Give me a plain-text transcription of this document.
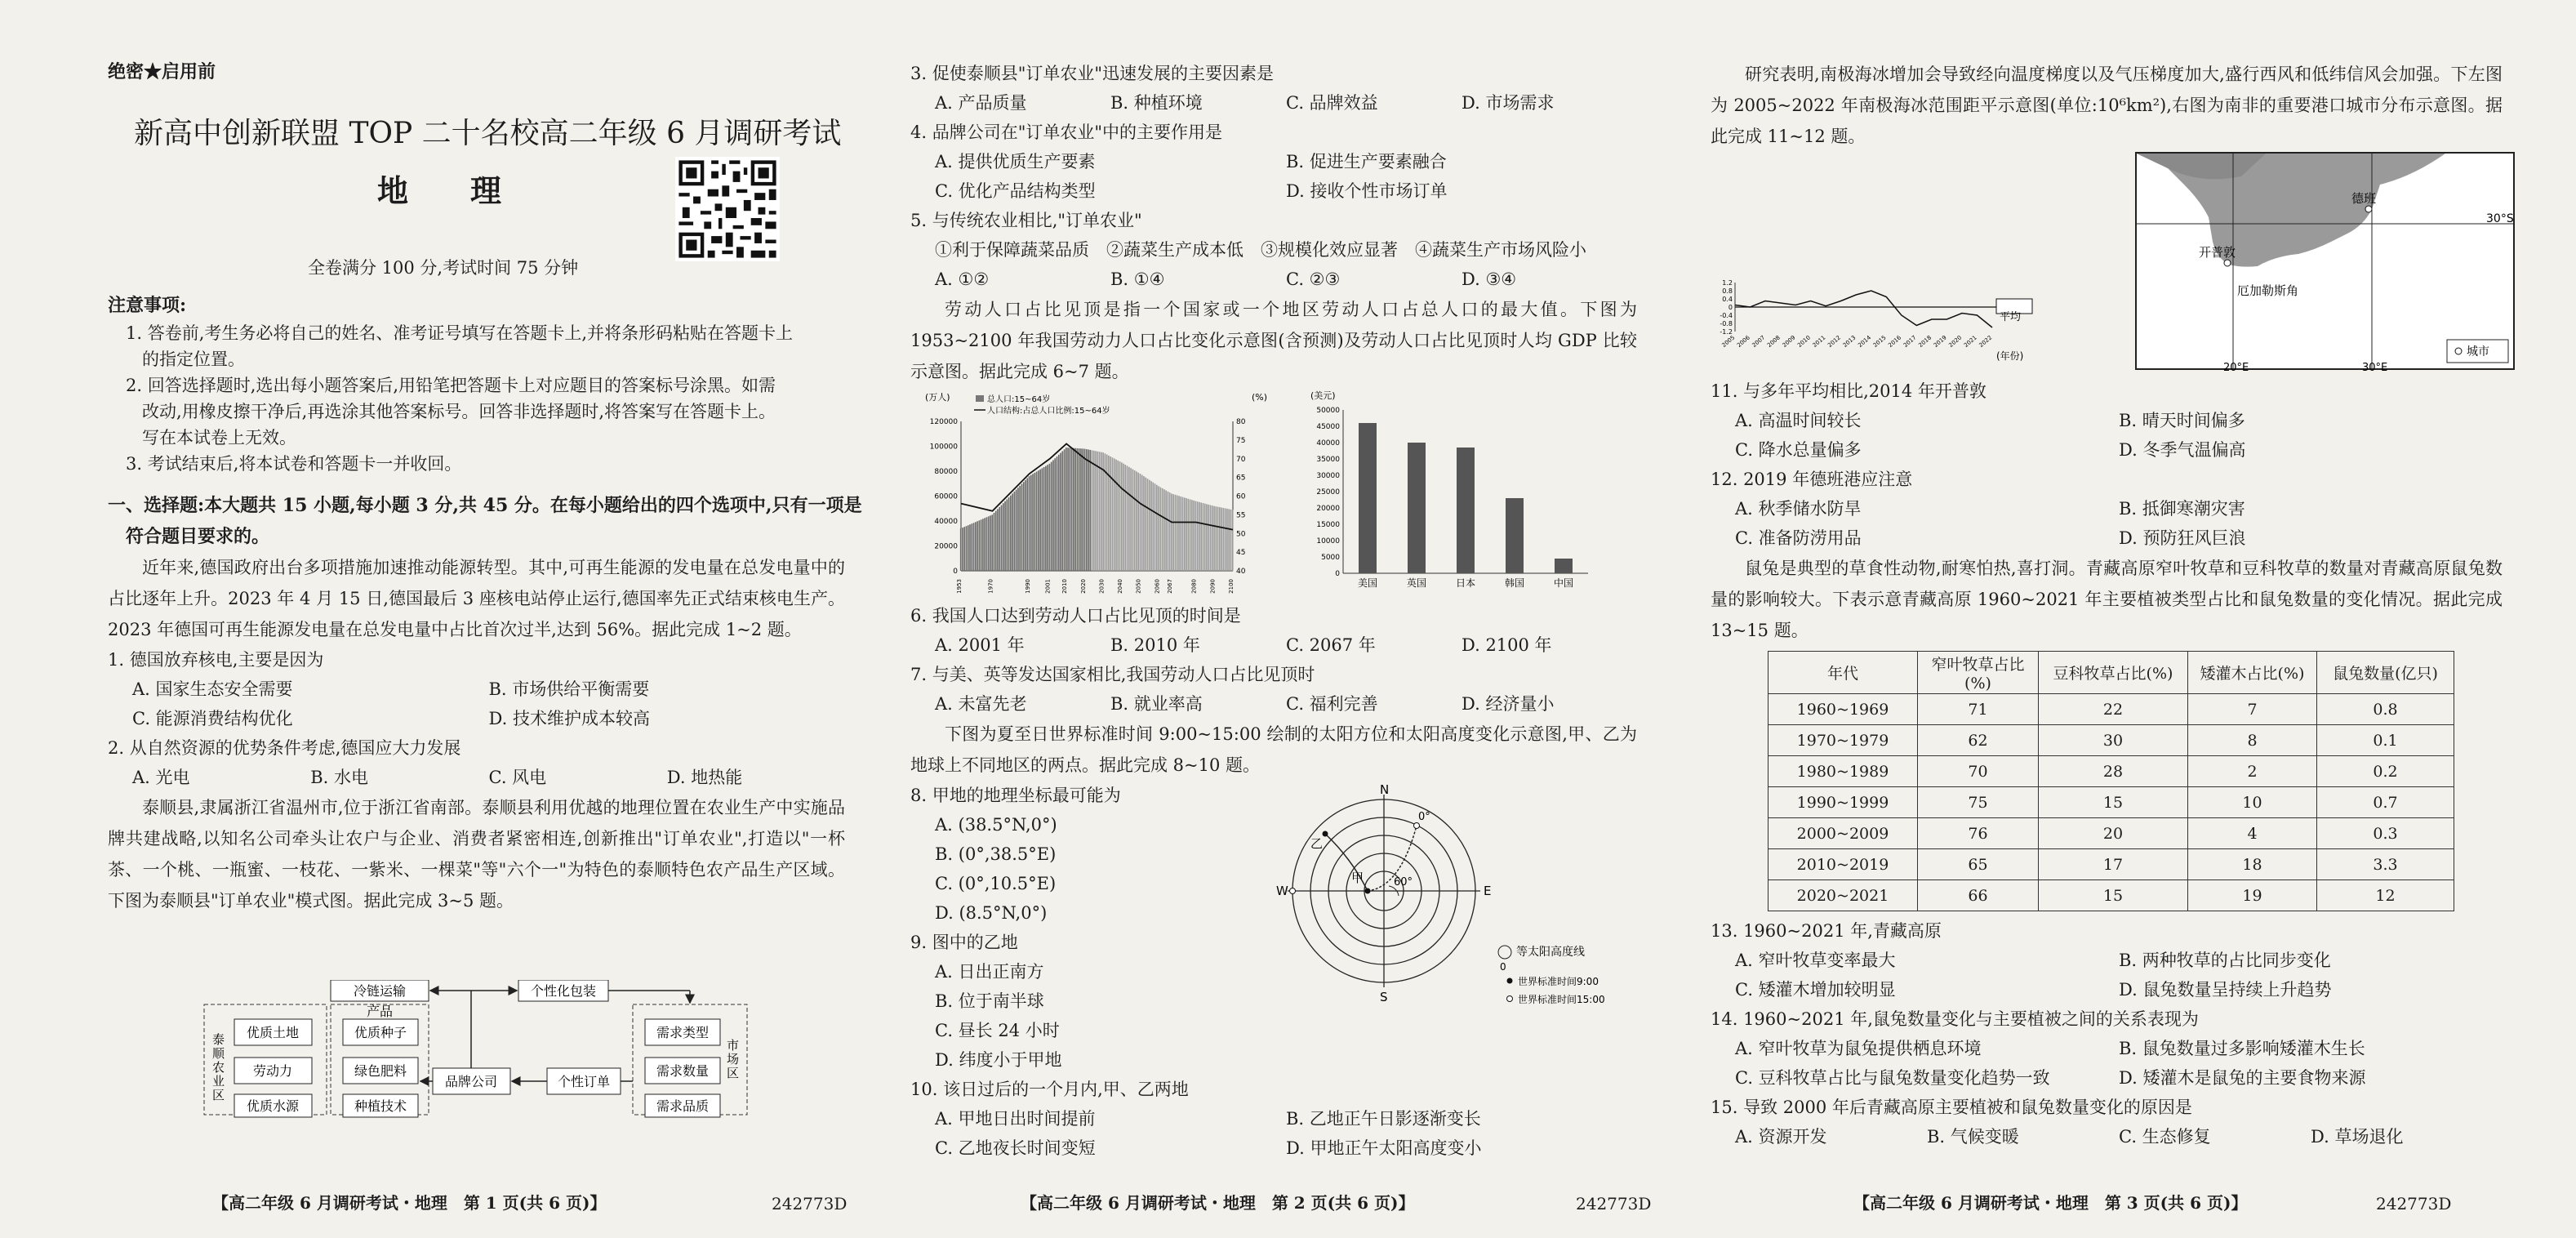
绝密★启用前
新高中创新联盟 TOP 二十名校高二年级 6 月调研考试
地　　理
全卷满分 100 分,考试时间 75 分钟
注意事项:
1. 答卷前,考生务必将自己的姓名、准考证号填写在答题卡上,并将条形码粘贴在答题卡上
的指定位置。
2. 回答选择题时,选出每小题答案后,用铅笔把答题卡上对应题目的答案标号涂黑。如需
改动,用橡皮擦干净后,再选涂其他答案标号。回答非选择题时,将答案写在答题卡上。
写在本试卷上无效。
3. 考试结束后,将本试卷和答题卡一并收回。
一、选择题:本大题共 15 小题,每小题 3 分,共 45 分。在每小题给出的四个选项中,只有一项是
符合题目要求的。

近年来,德国政府出台多项措施加速推动能源转型。其中,可再生能源的发电量在总发电量中的占比逐年上升。2023 年 4 月 15 日,德国最后 3 座核电站停止运行,德国率先正式结束核电生产。2023 年德国可再生能源发电量在总发电量中占比首次过半,达到 56%。据此完成 1~2 题。

1. 德国放弃核电,主要是因为
A. 国家生态安全需要	B. 市场供给平衡需要
C. 能源消费结构优化	D. 技术维护成本较高
2. 从自然资源的优势条件考虑,德国应大力发展
A. 光电	B. 水电	C. 风电	D. 地热能

泰顺县,隶属浙江省温州市,位于浙江省南部。泰顺县利用优越的地理位置在农业生产中实施品牌共建战略,以知名公司牵头让农户与企业、消费者紧密相连,创新推出"订单农业",打造以"一杯茶、一个桃、一瓶蜜、一枝花、一紫米、一棵菜"等"六个一"为特色的泰顺特色农产品生产区域。下图为泰顺县"订单农业"模式图。据此完成 3~5 题。

泰顺农业区
优质土地
劳动力
优质水源
优质种子
绿色肥料
种植技术
冷链运输
产品
个性化包装
品牌公司	个性订单
需求类型
需求数量
需求品质
市场区
【高二年级 6 月调研考试・地理　第 1 页(共 6 页)】	242773D
3. 促使泰顺县"订单农业"迅速发展的主要因素是
A. 产品质量	B. 种植环境	C. 品牌效益	D. 市场需求
4. 品牌公司在"订单农业"中的主要作用是
A. 提供优质生产要素	B. 促进生产要素融合
C. 优化产品结构类型	D. 接收个性市场订单
5. 与传统农业相比,"订单农业"
①利于保障蔬菜品质　②蔬菜生产成本低　③规模化效应显著　④蔬菜生产市场风险小
A. ①②	B. ①④	C. ②③	D. ③④

劳动人口占比见顶是指一个国家或一个地区劳动人口占总人口的最大值。下图为 1953~2100 年我国劳动力人口占比变化示意图(含预测)及劳动人口占比见顶时人均 GDP 比较示意图。据此完成 6~7 题。

(万人)	(%)
总人口:15~64岁
人口结构:占总人口比例:15~64岁
0
20000
40000
60000
80000
100000
120000
40
45
50
55
60
65
70
75
80
1953	1970	1990 2001 2010 2020 2030 2040 2050 2060 2067	2080 2090 2100
(美元)
0
5000
10000
15000
20000
25000
30000
35000
40000
45000
50000
美国	英国	日本	韩国	中国
6. 我国人口达到劳动人口占比见顶的时间是
A. 2001 年	B. 2010 年	C. 2067 年	D. 2100 年
7. 与美、英等发达国家相比,我国劳动人口占比见顶时
A. 未富先老	B. 就业率高	C. 福利完善	D. 经济量小

下图为夏至日世界标准时间 9:00~15:00 绘制的太阳方位和太阳高度变化示意图,甲、乙为地球上不同地区的两点。据此完成 8~10 题。

8. 甲地的地理坐标最可能为
A. (38.5°N,0°)
B. (0°,38.5°E)
C. (0°,10.5°E)
D. (8.5°N,0°)
9. 图中的乙地
A. 日出正南方
B. 位于南半球
C. 昼长 24 小时
D. 纬度小于甲地
N
S
W	E
甲
乙
0°
60°
0
等太阳高度线
世界标准时间9:00
世界标准时间15:00
10. 该日过后的一个月内,甲、乙两地
A. 甲地日出时间提前	B. 乙地正午日影逐渐变长
C. 乙地夜长时间变短	D. 甲地正午太阳高度变小
【高二年级 6 月调研考试・地理　第 2 页(共 6 页)】	242773D

研究表明,南极海冰增加会导致经向温度梯度以及气压梯度加大,盛行西风和低纬信风会加强。下左图为 2005~2022 年南极海冰范围距平示意图(单位:10⁶km²),右图为南非的重要港口城市分布示意图。据此完成 11~12 题。

1.2
0.8
0.4
0
-0.4
-0.8
-1.2
2005 2006 2007 2008 2009 2010 2011 2012 2013 2014 2015 2016 2017 2018 2019 2020 2021 2022
平均
(年份)
德班
开普敦
厄加勒斯角
30°S
20°E	30°E
城市
11. 与多年平均相比,2014 年开普敦
A. 高温时间较长	B. 晴天时间偏多
C. 降水总量偏多	D. 冬季气温偏高
12. 2019 年德班港应注意
A. 秋季储水防旱	B. 抵御寒潮灾害
C. 准备防涝用品	D. 预防狂风巨浪

鼠兔是典型的草食性动物,耐寒怕热,喜打洞。青藏高原窄叶牧草和豆科牧草的数量对青藏高原鼠兔数量的影响较大。下表示意青藏高原 1960~2021 年主要植被类型占比和鼠兔数量的变化情况。据此完成 13~15 题。

年代	窄叶牧草占比(%)	豆科牧草占比(%)	矮灌木占比(%)	鼠兔数量(亿只)
1960~1969	71	22	7	0.8
1970~1979	62	30	8	0.1
1980~1989	70	28	2	0.2
1990~1999	75	15	10	0.7
2000~2009	76	20	4	0.3
2010~2019	65	17	18	3.3
2020~2021	66	15	19	12
13. 1960~2021 年,青藏高原
A. 窄叶牧草变率最大	B. 两种牧草的占比同步变化
C. 矮灌木增加较明显	D. 鼠兔数量呈持续上升趋势
14. 1960~2021 年,鼠兔数量变化与主要植被之间的关系表现为
A. 窄叶牧草为鼠兔提供栖息环境	B. 鼠兔数量过多影响矮灌木生长
C. 豆科牧草占比与鼠兔数量变化趋势一致	D. 矮灌木是鼠兔的主要食物来源
15. 导致 2000 年后青藏高原主要植被和鼠兔数量变化的原因是
A. 资源开发	B. 气候变暖	C. 生态修复	D. 草场退化
【高二年级 6 月调研考试・地理　第 3 页(共 6 页)】	242773D
